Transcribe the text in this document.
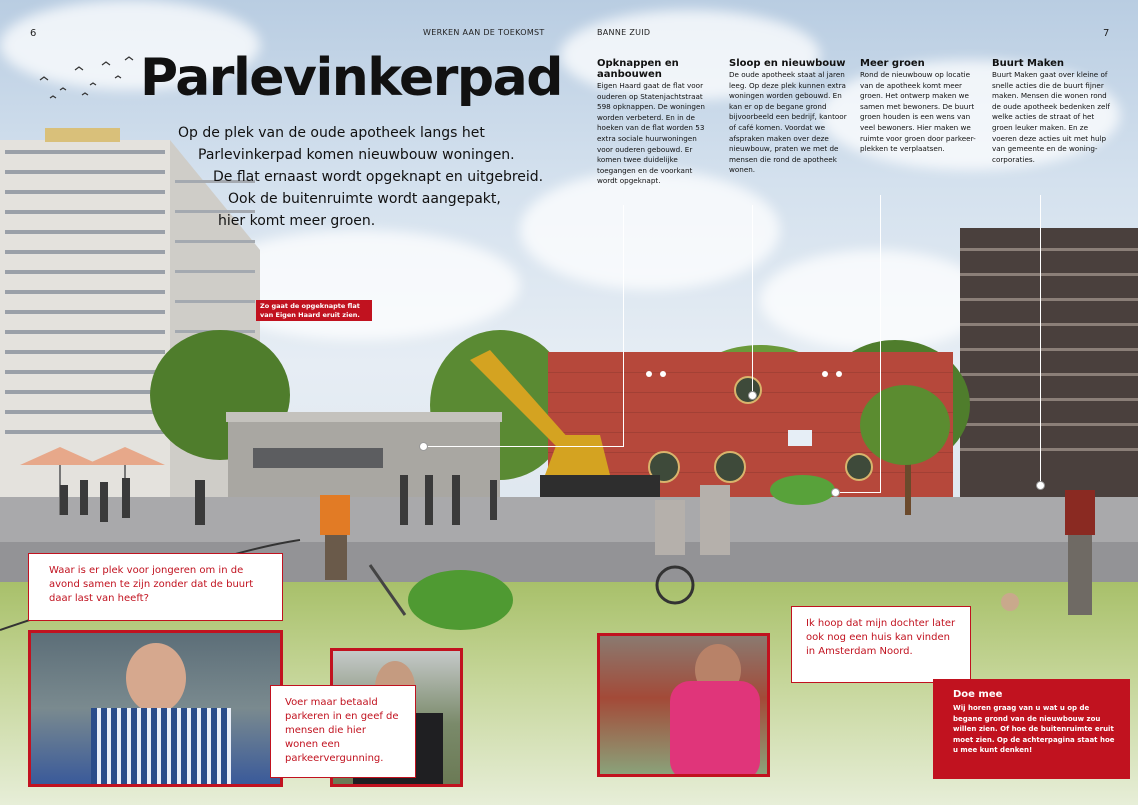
6	7
WERKEN AAN DE TOEKOMST	BANNE ZUID
Parlevinkerpad
Op de plek van de oude apotheek langs het
Parlevinkerpad komen nieuwbouw woningen.
De flat ernaast wordt opgeknapt en uitgebreid.
Ook de buitenruimte wordt aangepakt,
hier komt meer groen.
Opknappen en aanbouwen

Eigen Haard gaat de flat voor ouderen op Statenjachtstraat 598 opknappen. De woningen worden verbeterd. En in de hoeken van de flat worden 53 extra sociale huurwoningen voor ouderen gebouwd. Er komen twee duidelijke toegangen en de voorkant wordt opgeknapt.

Sloop en nieuwbouw

De oude apotheek staat al jaren leeg. Op deze plek kunnen extra woningen worden gebouwd. En kan er op de begane grond bijvoorbeeld een bedrijf, kantoor of café komen. Voordat we afspraken maken over deze nieuwbouw, praten we met de mensen die rond de apotheek wonen.

Meer groen

Rond de nieuwbouw op locatie van de apotheek komt meer groen. Het ontwerp maken we samen met bewoners. De buurt groen houden is een wens van veel bewoners. Hier maken we ruimte voor groen door parkeer-plekken te verplaatsen.

Buurt Maken

Buurt Maken gaat over kleine of snelle acties die de buurt fijner maken. Mensen die wonen rond de oude apotheek bedenken zelf welke acties de straat of het groen leuker maken. En ze voeren deze acties uit met hulp van gemeente en de woning-corporaties.

Zo gaat de opgeknapte flat van Eigen Haard eruit zien.
Waar is er plek voor jongeren om in de avond samen te zijn zonder dat de buurt daar last van heeft?
Voer maar betaald parkeren in en geef de mensen die hier wonen een parkeervergunning.
Ik hoop dat mijn dochter later ook nog een huis kan vinden in Amsterdam Noord.
Doe mee

Wij horen graag van u wat u op de begane grond van de nieuwbouw zou willen zien. Of hoe de buitenruimte eruit moet zien. Op de achterpagina staat hoe u mee kunt denken!
